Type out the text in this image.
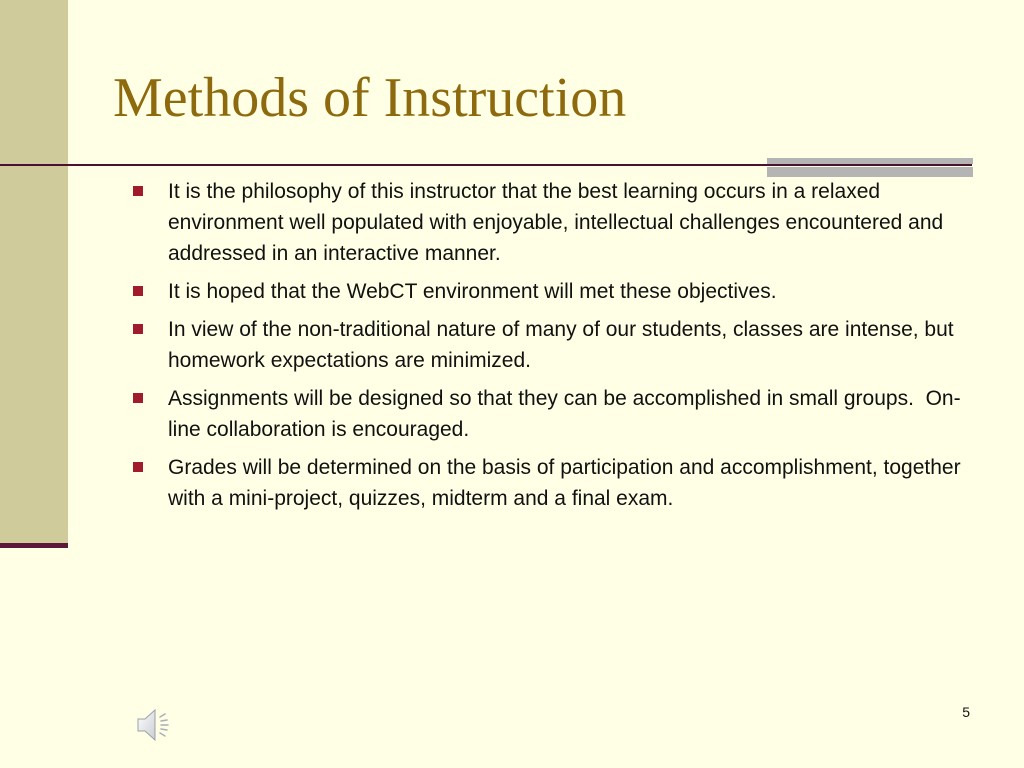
Methods of Instruction
It is the philosophy of this instructor that the best learning occurs in a relaxed environment well populated with enjoyable, intellectual challenges encountered and addressed in an interactive manner.
It is hoped that the WebCT environment will met these objectives.
In view of the non-traditional nature of many of our students, classes are intense, but homework expectations are minimized.
Assignments will be designed so that they can be accomplished in small groups.  On-line collaboration is encouraged.
Grades will be determined on the basis of participation and accomplishment, together with a mini-project, quizzes, midterm and a final exam.
5
